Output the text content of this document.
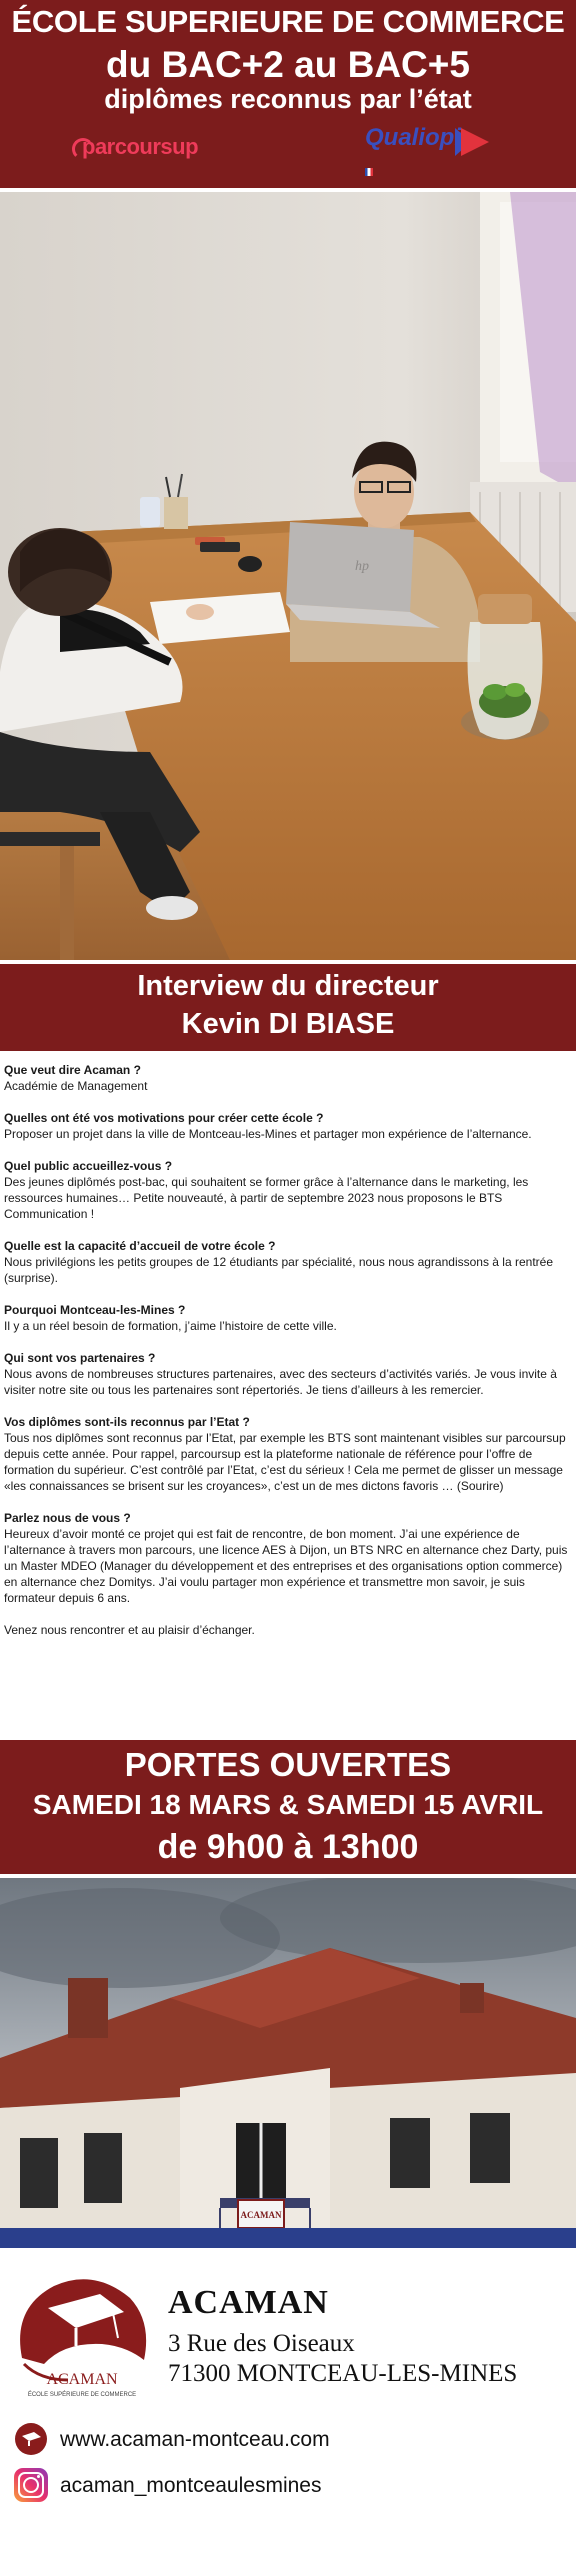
ÉCOLE SUPERIEURE DE COMMERCE
du BAC+2 au BAC+5
diplômes reconnus par l’état
parcoursup	Qualiopi
hp
Interview du directeur
Kevin DI BIASE
Que veut dire Acaman ?
Académie de Management
Quelles ont été vos motivations pour créer cette école ?
Proposer un projet dans la ville de Montceau-les-Mines et partager mon expérience de l’alternance.
Quel public accueillez-vous ?
Des jeunes diplômés post-bac, qui souhaitent se former grâce à l’alternance dans le marketing, les ressources humaines… Petite nouveauté, à partir de septembre 2023 nous proposons le BTS Communication !
Quelle est la capacité d’accueil de votre école ?
Nous privilégions les petits groupes de 12 étudiants par spécialité, nous nous agrandissons à la rentrée (surprise).
Pourquoi Montceau-les-Mines ?
Il y a un réel besoin de formation, j’aime l’histoire de cette ville.
Qui sont vos partenaires ?
Nous avons de nombreuses structures partenaires, avec des secteurs d’activités variés. Je vous invite à visiter notre site ou tous les partenaires sont répertoriés. Je tiens d’ailleurs à les remercier.
Vos diplômes sont-ils reconnus par l’Etat ?
Tous nos diplômes sont reconnus par l’Etat, par exemple les BTS sont maintenant visibles sur parcoursup depuis cette année. Pour rappel, parcoursup est la plateforme nationale de référence pour l’offre de formation du supérieur. C’est contrôlé par l’Etat, c’est du sérieux ! Cela me permet de glisser un message «les connaissances se brisent sur les croyances», c’est un de mes dictons favoris … (Sourire)
Parlez nous de vous ?
Heureux d’avoir monté ce projet qui est fait de rencontre, de bon moment. J’ai une expérience de l’alternance à travers mon parcours, une licence AES à Dijon, un BTS NRC en alternance chez Darty, puis un Master MDEO (Manager du développement et des entreprises et des organisations option commerce) en alternance chez Domitys. J’ai voulu partager mon expérience et transmettre mon savoir, je suis formateur depuis 6 ans.
Venez nous rencontrer et au plaisir d’échanger.
PORTES OUVERTES
SAMEDI 18 MARS & SAMEDI 15 AVRIL
de 9h00 à 13h00
ACAMAN
ACAMAN
ÉCOLE SUPÉRIEURE DE COMMERCE
ACAMAN
3 Rue des Oiseaux
71300 MONTCEAU-LES-MINES
www.acaman-montceau.com
acaman_montceaulesmines
